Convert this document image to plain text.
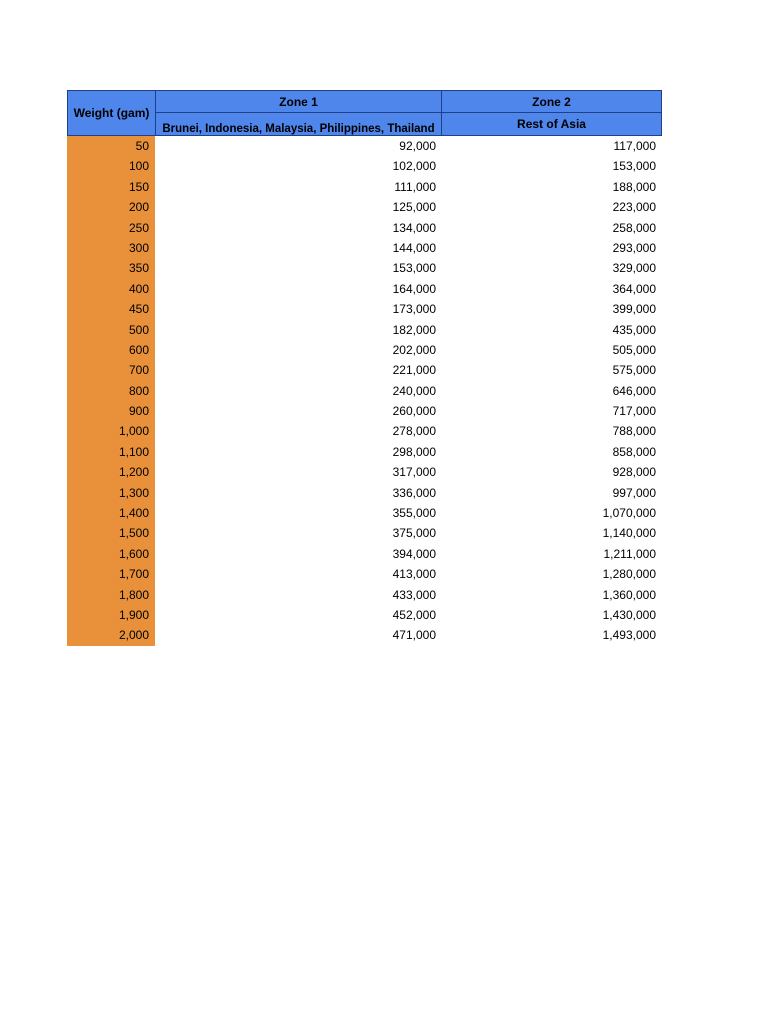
Weight (gam)
Zone 1
Brunei, Indonesia, Malaysia, Philippines, Thailand
Zone 2
Rest of Asia
50	92,000	117,000
100	102,000	153,000
150	111,000	188,000
200	125,000	223,000
250	134,000	258,000
300	144,000	293,000
350	153,000	329,000
400	164,000	364,000
450	173,000	399,000
500	182,000	435,000
600	202,000	505,000
700	221,000	575,000
800	240,000	646,000
900	260,000	717,000
1,000	278,000	788,000
1,100	298,000	858,000
1,200	317,000	928,000
1,300	336,000	997,000
1,400	355,000	1,070,000
1,500	375,000	1,140,000
1,600	394,000	1,211,000
1,700	413,000	1,280,000
1,800	433,000	1,360,000
1,900	452,000	1,430,000
2,000	471,000	1,493,000
